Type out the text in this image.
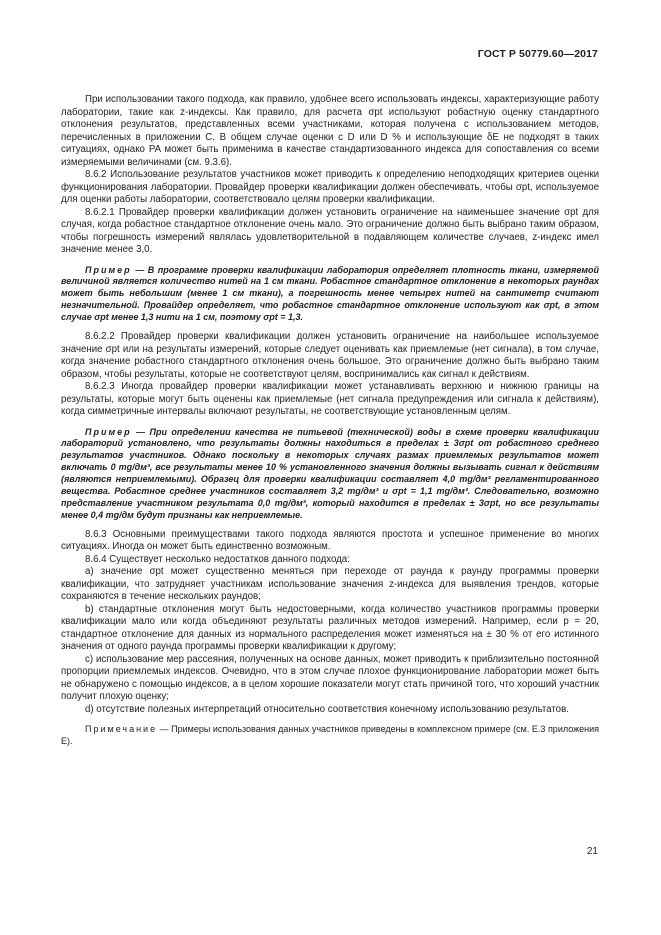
ГОСТ Р 50779.60—2017

При использовании такого подхода, как правило, удобнее всего использовать индексы, характеризующие работу лаборатории, такие как z-индексы. Как правило, для расчета σpt используют робастную оценку стандартного отклонения результатов, представленных всеми участниками, которая получена с использованием методов, перечисленных в приложении С. В общем случае оценки с D или D % и использующие δE не подходят в таких ситуациях, однако PA может быть применима в качестве стандартизованного индекса для сопоставления со всеми измеряемыми величинами (см. 9.3.6).

8.6.2 Использование результатов участников может приводить к определению неподходящих критериев оценки функционирования лаборатории. Провайдер проверки квалификации должен обеспечивать, чтобы σpt, используемое для оценки работы лаборатории, соответствовало целям проверки квалификации.

8.6.2.1 Провайдер проверки квалификации должен установить ограничение на наименьшее значение σpt для случая, когда робастное стандартное отклонение очень мало. Это ограничение должно быть выбрано таким образом, чтобы погрешность измерений являлась удовлетворительной в подавляющем количестве случаев, z-индекс имел значение менее 3,0.

Пример — В программе проверки квалификации лаборатория определяет плотность ткани, измеряемой величиной является количество нитей на 1 см ткани. Робастное стандартное отклонение в некоторых раундах может быть небольшим (менее 1 см ткани), а погрешность менее четырех нитей на сантиметр считают незначительной. Провайдер определяет, что робастное стандартное отклонение используют как σpt, в этом случае σpt менее 1,3 нити на 1 см, поэтому σpt = 1,3.

8.6.2.2 Провайдер проверки квалификации должен установить ограничение на наибольшее используемое значение σpt или на результаты измерений, которые следует оценивать как приемлемые (нет сигнала), в том случае, когда значение робастного стандартного отклонения очень большое. Это ограничение должно быть выбрано таким образом, чтобы результаты, которые не соответствуют целям, воспринимались как сигнал к действиям.

8.6.2.3 Иногда провайдер проверки квалификации может устанавливать верхнюю и нижнюю границы на результаты, которые могут быть оценены как приемлемые (нет сигнала предупреждения или сигнала к действиям), когда симметричные интервалы включают результаты, не соответствующие установленным целям.

Пример — При определении качества не питьевой (технической) воды в схеме проверки квалификации лабораторий установлено, что результаты должны находиться в пределах ± 3σpt от робастного среднего результатов участников. Однако поскольку в некоторых случаях размах приемлемых результатов может включать 0 mg/дм³, все результаты менее 10 % установленного значения должны вызывать сигнал к действиям (являются неприемлемыми). Образец для проверки квалификации составляет 4,0 mg/дм³ регламентированного вещества. Робастное среднее участников составляет 3,2 mg/дм³ и σpt = 1,1 mg/дм³. Следовательно, возможно представление участником результата 0,0 mg/дм³, который находится в пределах ± 3σpt, но все результаты менее 0,4 mg/дм будут признаны как неприемлемые.

8.6.3 Основными преимуществами такого подхода являются простота и успешное применение во многих ситуациях. Иногда он может быть единственно возможным.

8.6.4 Существует несколько недостатков данного подхода:

a) значение σpt может существенно меняться при переходе от раунда к раунду программы проверки квалификации, что затрудняет участникам использование значения z-индекса для выявления трендов, которые сохраняются в течение нескольких раундов;

b) стандартные отклонения могут быть недостоверными, когда количество участников программы проверки квалификации мало или когда объединяют результаты различных методов измерений. Например, если p = 20, стандартное отклонение для данных из нормального распределения может изменяться на ± 30 % от его истинного значения от одного раунда программы проверки квалификации к другому;

c) использование мер рассеяния, полученных на основе данных, может приводить к приблизительно постоянной пропорции приемлемых индексов. Очевидно, что в этом случае плохое функционирование лаборатории может быть не обнаружено с помощью индексов, а в целом хорошие показатели могут стать причиной того, что хороший участник получит плохую оценку;

d) отсутствие полезных интерпретаций относительно соответствия конечному использованию результатов.

Примечание — Примеры использования данных участников приведены в комплексном примере (см. Е.3 приложения Е).

21
